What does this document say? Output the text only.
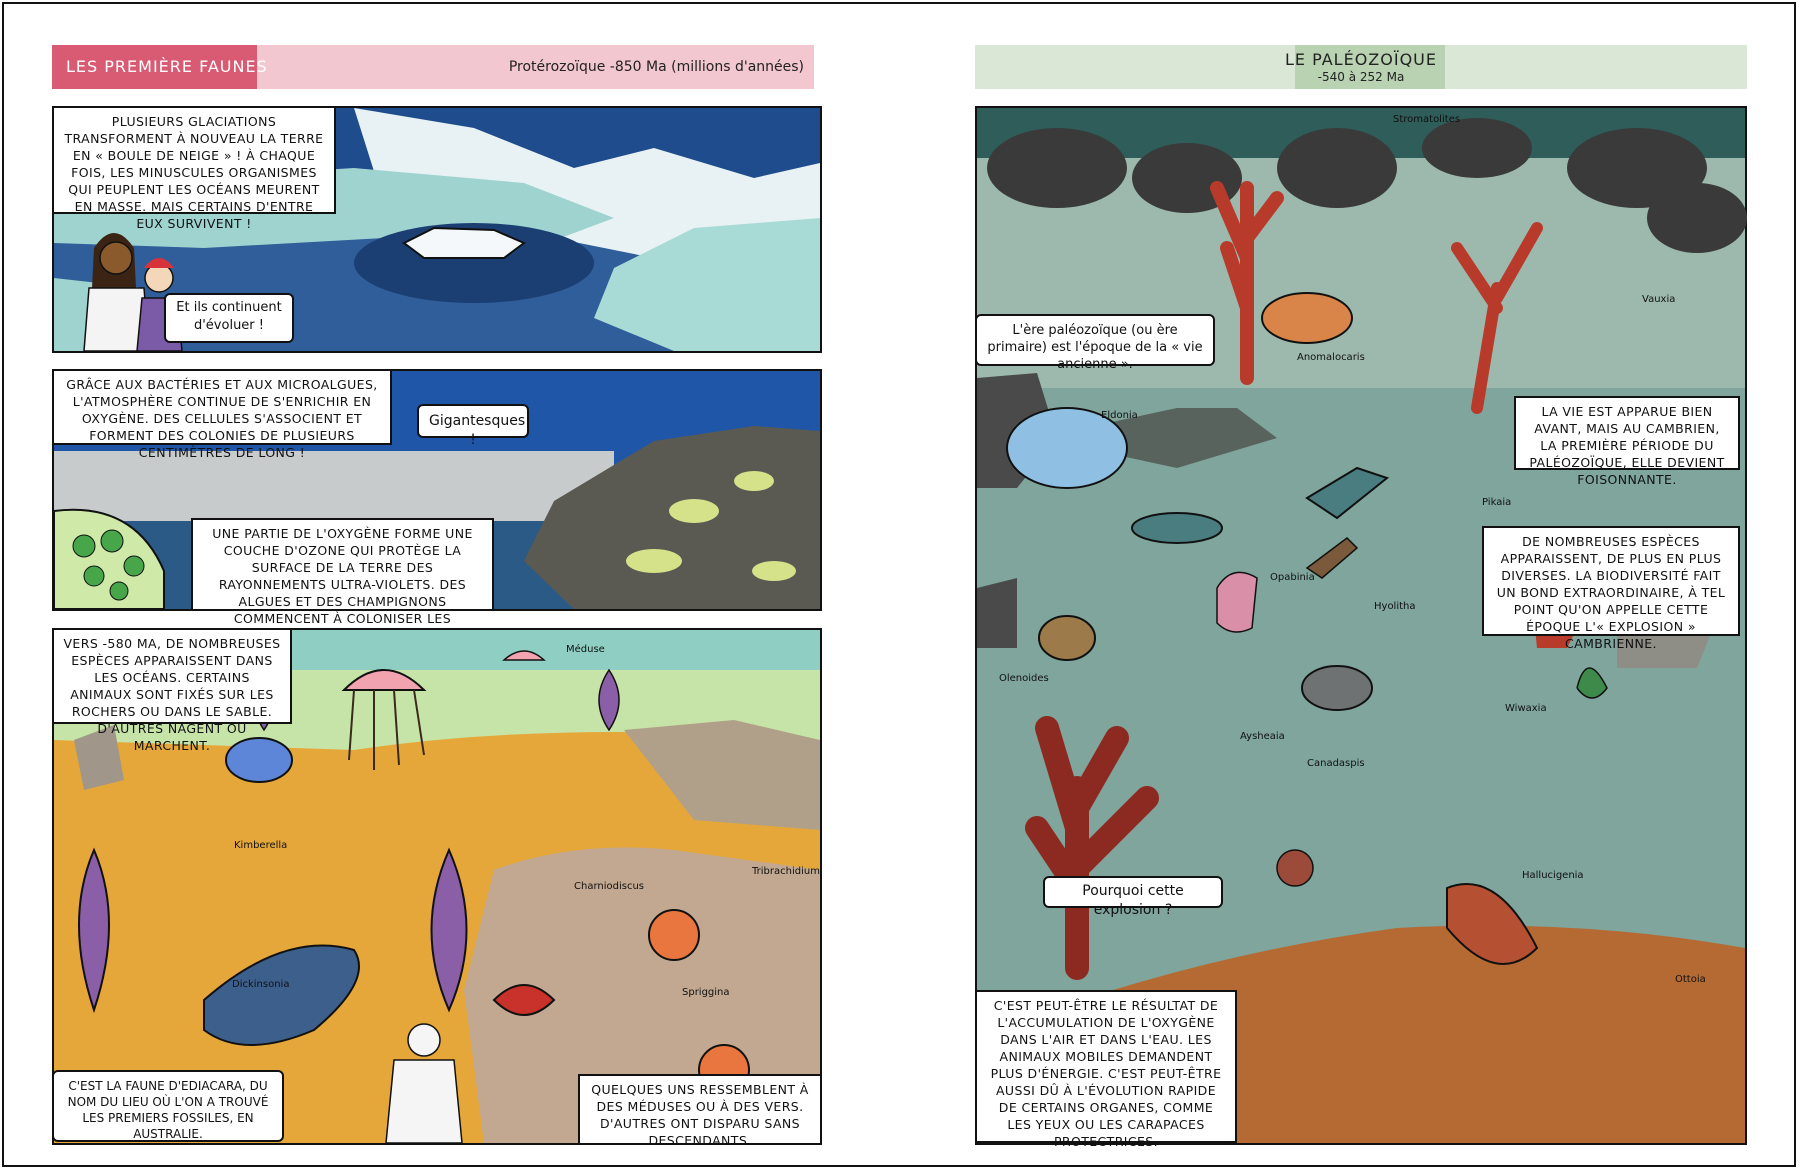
LES PREMIÈRE FAUNES	Protérozoïque -850 Ma (millions d'années)
PLUSIEURS GLACIATIONS TRANSFORMENT À NOUVEAU LA TERRE EN « BOULE DE NEIGE » ! À CHAQUE FOIS, LES MINUSCULES ORGANISMES QUI PEUPLENT LES OCÉANS MEURENT EN MASSE. MAIS CERTAINS D'ENTRE EUX SURVIVENT !
Et ils continuent d'évoluer !
GRÂCE AUX BACTÉRIES ET AUX MICROALGUES, L'ATMOSPHÈRE CONTINUE DE S'ENRICHIR EN OXYGÈNE. DES CELLULES S'ASSOCIENT ET FORMENT DES COLONIES DE PLUSIEURS CENTIMÈTRES DE LONG !
Gigantesques !
UNE PARTIE DE L'OXYGÈNE FORME UNE COUCHE D'OZONE QUI PROTÈGE LA SURFACE DE LA TERRE DES RAYONNEMENTS ULTRA-VIOLETS. DES ALGUES ET DES CHAMPIGNONS COMMENCENT À COLONISER LES
VERS -580 MA, DE NOMBREUSES ESPÈCES APPARAISSENT DANS LES OCÉANS. CERTAINS ANIMAUX SONT FIXÉS SUR LES ROCHERS OU DANS LE SABLE. D'AUTRES NAGENT OU MARCHENT.
Méduse
Kimberella
Charniodiscus
Tribrachidium
Dickinsonia
Spriggina
C'EST LA FAUNE D'EDIACARA, DU NOM DU LIEU OÙ L'ON A TROUVÉ LES PREMIERS FOSSILES, EN AUSTRALIE.
QUELQUES UNS RESSEMBLENT À DES MÉDUSES OU À DES VERS. D'AUTRES ONT DISPARU SANS DESCENDANTS.
LE PALÉOZOÏQUE
-540 à 252 Ma
Stromatolites
Vauxia
Anomalocaris
Eldonia
Pikaia
Opabinia
Hyolitha
Olenoides
Aysheaia
Canadaspis
Wiwaxia
Hallucigenia
Ottoia
L'ère paléozoïque (ou ère primaire) est l'époque de la « vie ancienne ».
LA VIE EST APPARUE BIEN AVANT, MAIS AU CAMBRIEN, LA PREMIÈRE PÉRIODE DU PALÉOZOÏQUE, ELLE DEVIENT FOISONNANTE.
DE NOMBREUSES ESPÈCES APPARAISSENT, DE PLUS EN PLUS DIVERSES. LA BIODIVERSITÉ FAIT UN BOND EXTRAORDINAIRE, À TEL POINT QU'ON APPELLE CETTE ÉPOQUE L'« EXPLOSION » CAMBRIENNE.
Pourquoi cette explosion ?
C'EST PEUT-ÊTRE LE RÉSULTAT DE L'ACCUMULATION DE L'OXYGÈNE DANS L'AIR ET DANS L'EAU. LES ANIMAUX MOBILES DEMANDENT PLUS D'ÉNERGIE. C'EST PEUT-ÊTRE AUSSI DÛ À L'ÉVOLUTION RAPIDE DE CERTAINS ORGANES, COMME LES YEUX OU LES CARAPACES PROTECTRICES.
